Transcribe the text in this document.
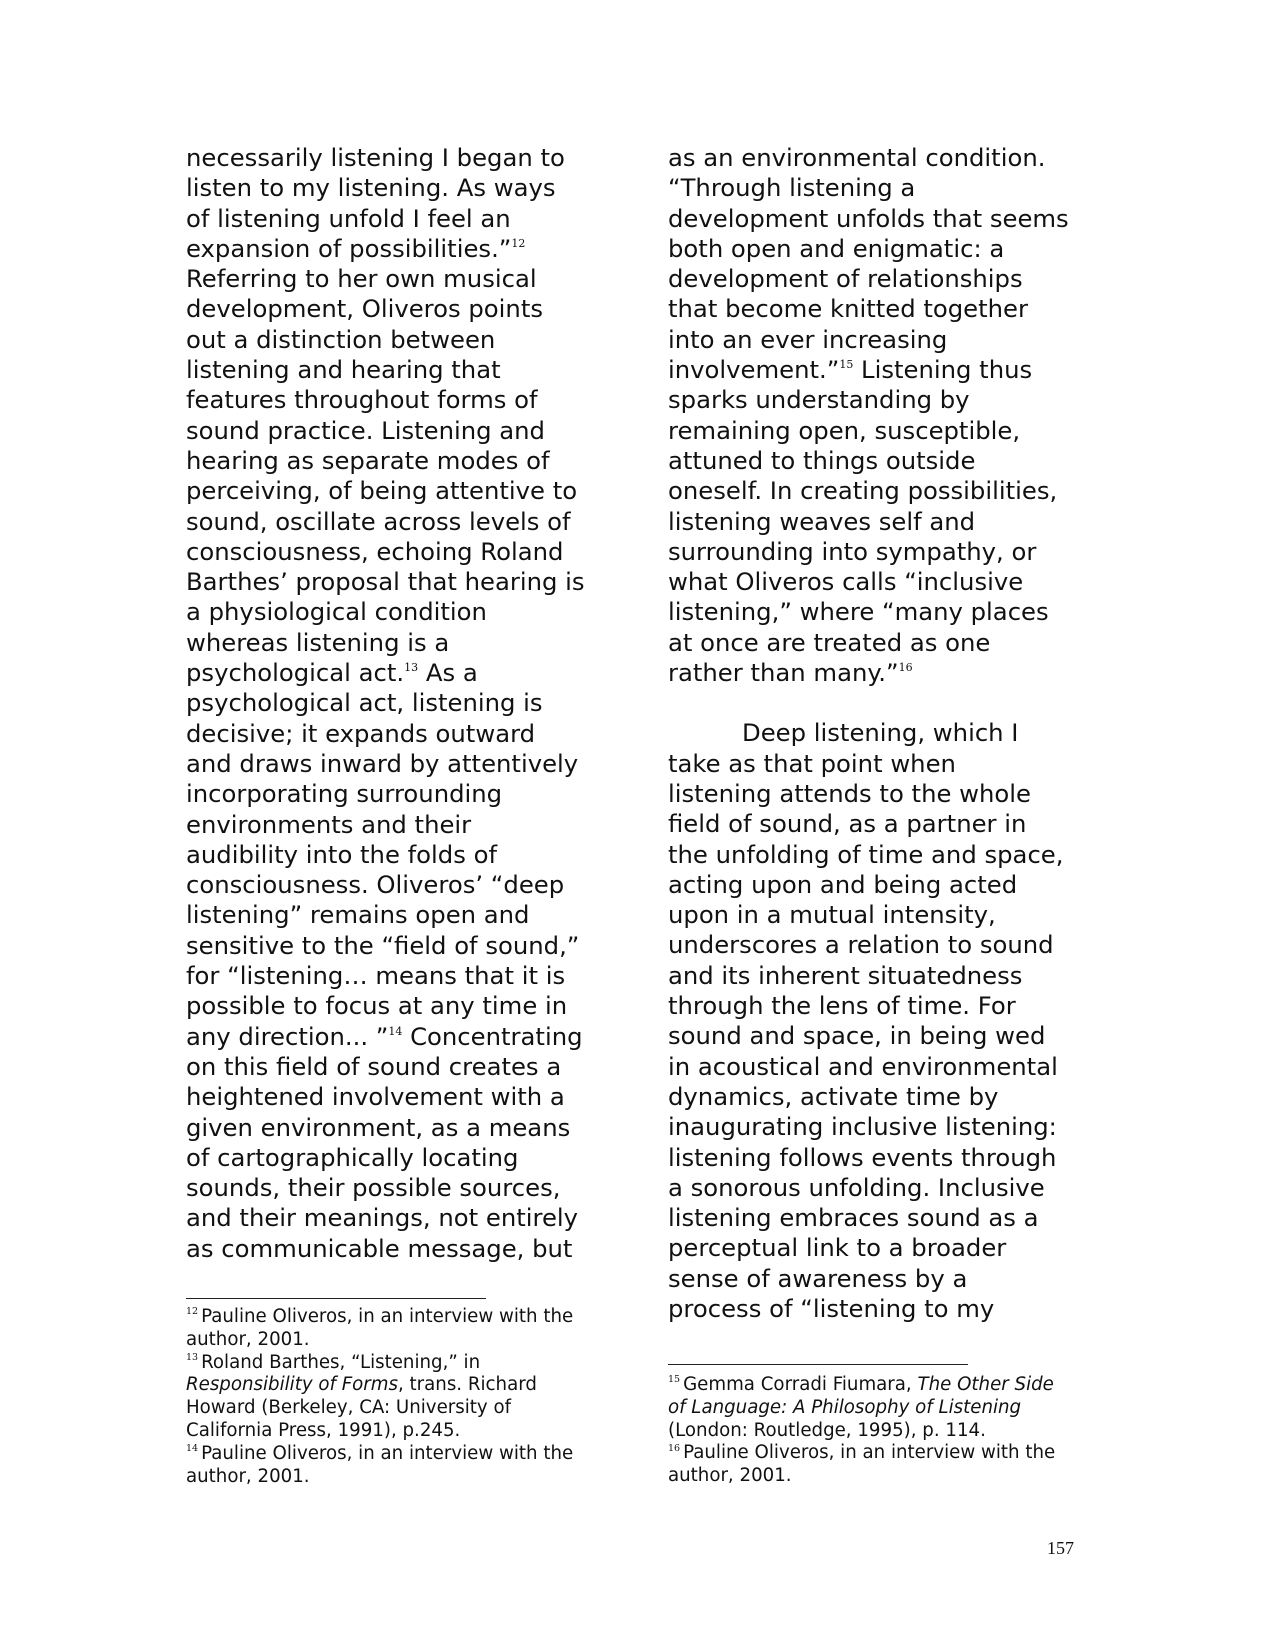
necessarily listening I began to
listen to my listening. As ways
of listening unfold I feel an
expansion of possibilities.”$^{12}$
Referring to her own musical
development, Oliveros points
out a distinction between
listening and hearing that
features throughout forms of
sound practice. Listening and
hearing as separate modes of
perceiving, of being attentive to
sound, oscillate across levels of
consciousness, echoing Roland
Barthes’ proposal that hearing is
a physiological condition
whereas listening is a
psychological act.$^{13}$ As a
psychological act, listening is
decisive; it expands outward
and draws inward by attentively
incorporating surrounding
environments and their
audibility into the folds of
consciousness. Oliveros’ “deep
listening” remains open and
sensitive to the “field of sound,”
for “listening… means that it is
possible to focus at any time in
any direction... ”$^{14}$ Concentrating
on this field of sound creates a
heightened involvement with a
given environment, as a means
of cartographically locating
sounds, their possible sources,
and their meanings, not entirely
as communicable message, but

as an environmental condition.
“Through listening a
development unfolds that seems
both open and enigmatic: a
development of relationships
that become knitted together
into an ever increasing
involvement.”$^{15}$ Listening thus
sparks understanding by
remaining open, susceptible,
attuned to things outside
oneself. In creating possibilities,
listening weaves self and
surrounding into sympathy, or
what Oliveros calls “inclusive
listening,” where “many places
at once are treated as one
rather than many.”$^{16}$

Deep listening, which I
take as that point when
listening attends to the whole
field of sound, as a partner in
the unfolding of time and space,
acting upon and being acted
upon in a mutual intensity,
underscores a relation to sound
and its inherent situatedness
through the lens of time. For
sound and space, in being wed
in acoustical and environmental
dynamics, activate time by
inaugurating inclusive listening:
listening follows events through
a sonorous unfolding. Inclusive
listening embraces sound as a
perceptual link to a broader
sense of awareness by a
process of “listening to my

$^{12}$ Pauline Oliveros, in an interview with the
author, 2001.
$^{13}$ Roland Barthes, “Listening,” in
Responsibility of Forms, trans. Richard
Howard (Berkeley, CA: University of
California Press, 1991), p.245.
$^{14}$ Pauline Oliveros, in an interview with the
author, 2001.
$^{15}$ Gemma Corradi Fiumara, The Other Side
of Language: A Philosophy of Listening
(London: Routledge, 1995), p. 114.
$^{16}$ Pauline Oliveros, in an interview with the
author, 2001.
157
